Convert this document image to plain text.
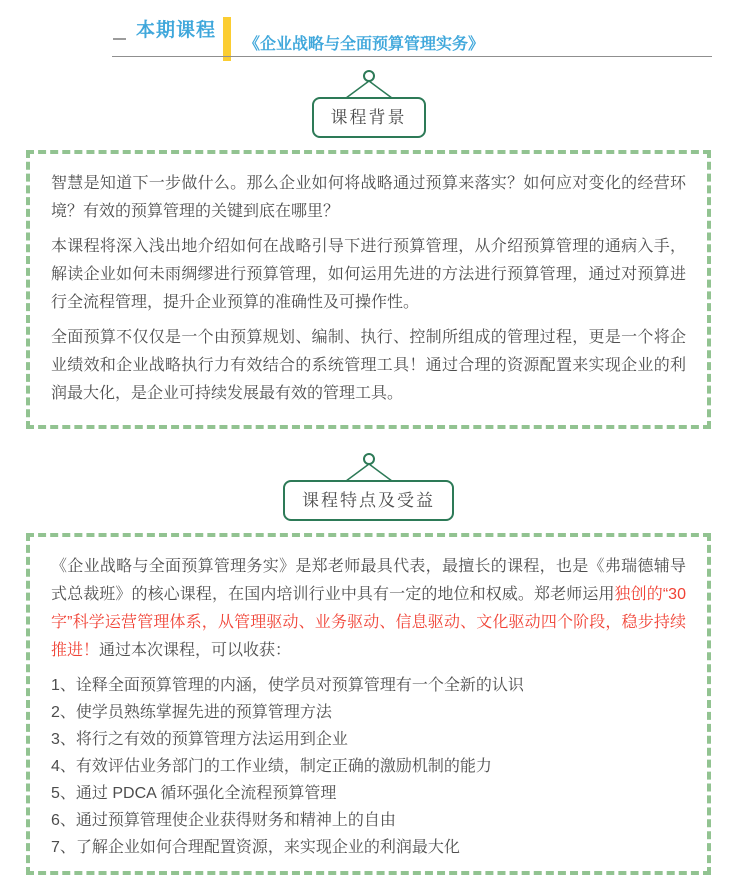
本期课程
《企业战略与全面预算管理实务》
课程背景

智慧是知道下一步做什么。那么企业如何将战略通过预算来落实？如何应对变化的经营环境？有效的预算管理的关键到底在哪里？

本课程将深入浅出地介绍如何在战略引导下进行预算管理，从介绍预算管理的通病入手，解读企业如何未雨绸缪进行预算管理，如何运用先进的方法进行预算管理，通过对预算进行全流程管理，提升企业预算的准确性及可操作性。

全面预算不仅仅是一个由预算规划、编制、执行、控制所组成的管理过程，更是一个将企业绩效和企业战略执行力有效结合的系统管理工具！通过合理的资源配置来实现企业的利润最大化，是企业可持续发展最有效的管理工具。

课程特点及受益

《企业战略与全面预算管理务实》是郑老师最具代表，最擅长的课程，也是《弗瑞德辅导式总裁班》的核心课程，在国内培训行业中具有一定的地位和权威。郑老师运用独创的“30字”科学运营管理体系，从管理驱动、业务驱动、信息驱动、文化驱动四个阶段，稳步持续推进！通过本次课程，可以收获：

1、诠释全面预算管理的内涵，使学员对预算管理有一个全新的认识
2、使学员熟练掌握先进的预算管理方法
3、将行之有效的预算管理方法运用到企业
4、有效评估业务部门的工作业绩，制定正确的激励机制的能力
5、通过 PDCA 循环强化全流程预算管理
6、通过预算管理使企业获得财务和精神上的自由
7、了解企业如何合理配置资源，来实现企业的利润最大化
